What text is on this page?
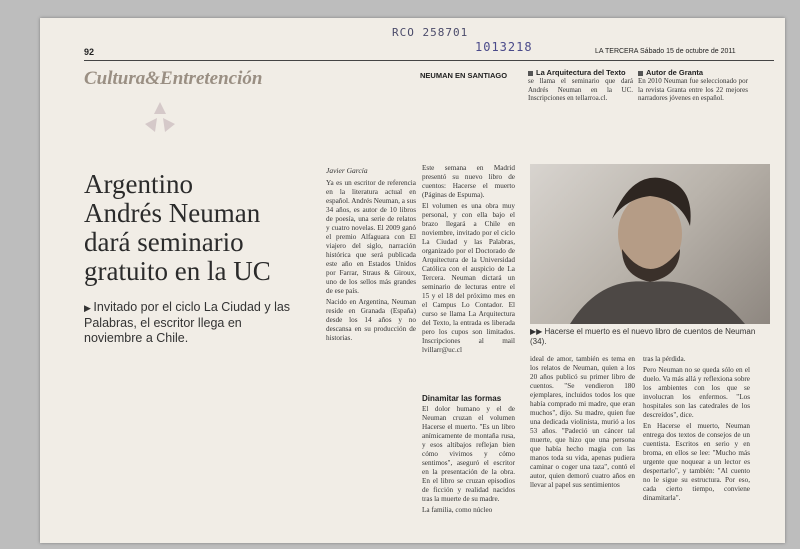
RCO 258701
1013218
92	LA TERCERA Sábado 15 de octubre de 2011
Cultura&Entretención	NEUMAN EN SANTIAGO	La Arquitectura del Texto
se llama el seminario que dará Andrés Neuman en la UC. Inscripciones en tellarroa.cl.
Autor de Granta
En 2010 Neuman fue seleccionado por la revista Granta entre los 22 mejores narradores jóvenes en español.
Argentino
Andrés Neuman
dará seminario
gratuito en la UC
▶ Invitado por el ciclo La Ciudad y las Palabras, el escritor llega en noviembre a Chile.
Javier García

Ya es un escritor de referencia en la literatura actual en español. Andrés Neuman, a sus 34 años, es autor de 10 libros de poesía, una serie de relatos y cuatro novelas. El 2009 ganó el premio Alfaguara con El viajero del siglo, narración histórica que será publicada este año en Estados Unidos por Farrar, Straus & Giroux, uno de los sellos más grandes de ese país.

Nacido en Argentina, Neuman reside en Granada (España) desde los 14 años y no descansa en su producción de historias.

Este semana en Madrid presentó su nuevo libro de cuentos: Hacerse el muerto (Páginas de Espuma).

El volumen es una obra muy personal, y con ella bajo el brazo llegará a Chile en noviembre, invitado por el ciclo La Ciudad y las Palabras, organizado por el Doctorado de Arquitectura de la Universidad Católica con el auspicio de La Tercera. Neuman dictará un seminario de lecturas entre el 15 y el 18 del próximo mes en el Campus Lo Contador. El curso se llama La Arquitectura del Texto, la entrada es liberada pero los cupos son limitados. Inscripciones al mail lvillarr@uc.cl

▶▶ Hacerse el muerto es el nuevo libro de cuentos de Neuman (34).
Dinamitar las formas

El dolor humano y el de Neuman cruzan el volumen Hacerse el muerto. "Es un libro anímicamente de montaña rusa, y esos altibajos reflejan bien cómo vivimos y cómo sentimos", aseguró el escritor en la presentación de la obra. En el libro se cruzan episodios de ficción y realidad nacidos tras la muerte de su madre.

La familia, como núcleo

ideal de amor, también es tema en los relatos de Neuman, quien a los 20 años publicó su primer libro de cuentos. "Se vendieron 180 ejemplares, incluidos todos los que había comprado mi madre, que eran muchos", dijo. Su madre, quien fue una dedicada violinista, murió a los 53 años. "Padeció un cáncer tal muerte, que hizo que una persona que había hecho magia con las manos toda su vida, apenas pudiera caminar o coger una taza", contó el autor, quien demoró cuatro años en llevar al papel sus sentimientos

tras la pérdida.

Pero Neuman no se queda sólo en el duelo. Va más allá y reflexiona sobre los ambientes con los que se involucran los enfermos. "Los hospitales son las catedrales de los descreídos", dice.

En Hacerse el muerto, Neuman entrega dos textos de consejos de un cuentista. Escritos en serio y en broma, en ellos se lee: "Mucho más urgente que noquear a un lector es despertarlo", y también: "Al cuento no le sigue su estructura. Por eso, cada cierto tiempo, conviene dinamitarla".
